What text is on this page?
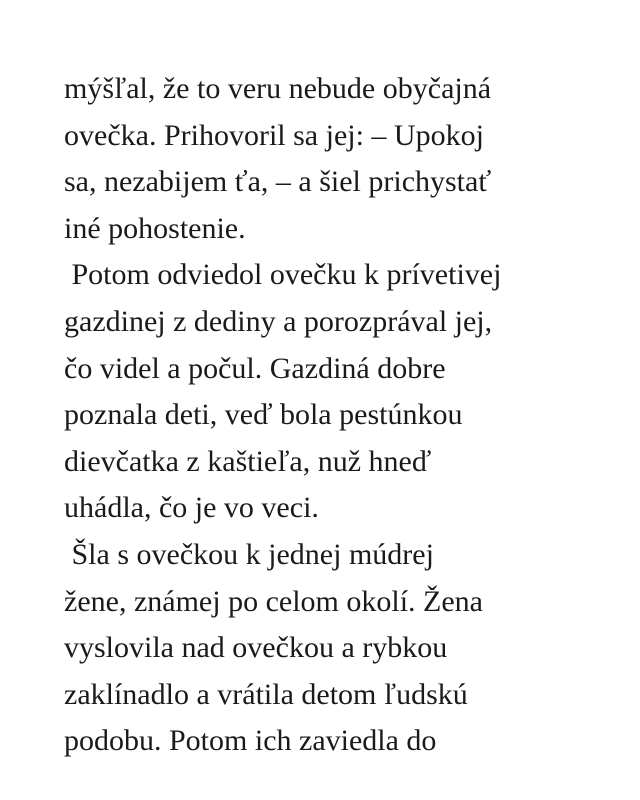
mýšľal, že to veru nebude obyčajná
ovečka. Prihovoril sa jej: – Upokoj
sa, nezabijem ťa, – a šiel prichystať
iné pohostenie.
Potom odviedol ovečku k prívetivej
gazdinej z dediny a porozprával jej,
čo videl a počul. Gazdiná dobre
poznala deti, veď bola pestúnkou
dievčatka z kaštieľa, nuž hneď
uhádla, čo je vo veci.
Šla s ovečkou k jednej múdrej
žene, známej po celom okolí. Žena
vyslovila nad ovečkou a rybkou
zaklínadlo a vrátila detom ľudskú
podobu. Potom ich zaviedla do
